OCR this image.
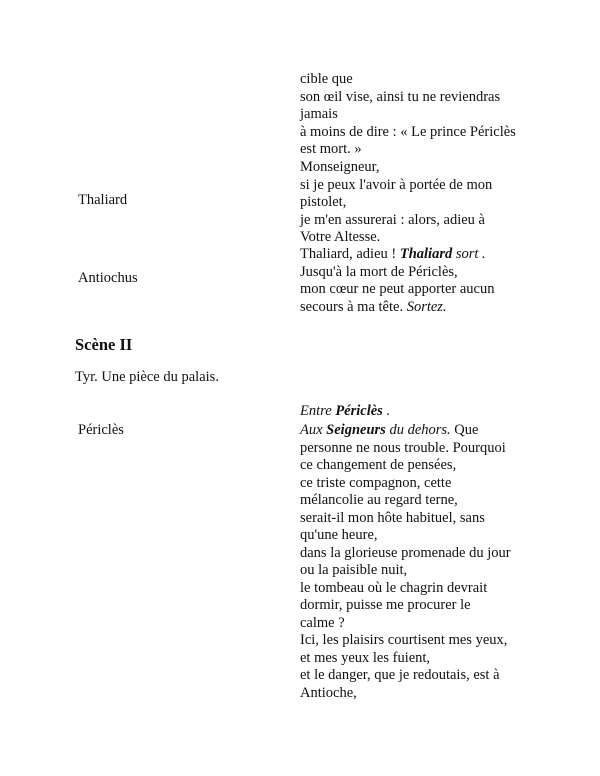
cible que
son œil vise, ainsi tu ne reviendras
jamais
à moins de dire : « Le prince Périclès
est mort. »
Thaliard
Monseigneur,
si je peux l'avoir à portée de mon
pistolet,
je m'en assurerai : alors, adieu à
Votre Altesse.
Antiochus
Thaliard, adieu ! Thaliard sort .
Jusqu'à la mort de Périclès,
mon cœur ne peut apporter aucun
secours à ma tête. Sortez.
Scène II
Tyr. Une pièce du palais.
Entre Périclès .
Périclès	Aux Seigneurs du dehors. Que
personne ne nous trouble. Pourquoi
ce changement de pensées,
ce triste compagnon, cette
mélancolie au regard terne,
serait-il mon hôte habituel, sans
qu'une heure,
dans la glorieuse promenade du jour
ou la paisible nuit,
le tombeau où le chagrin devrait
dormir, puisse me procurer le
calme ?
Ici, les plaisirs courtisent mes yeux,
et mes yeux les fuient,
et le danger, que je redoutais, est à
Antioche,
